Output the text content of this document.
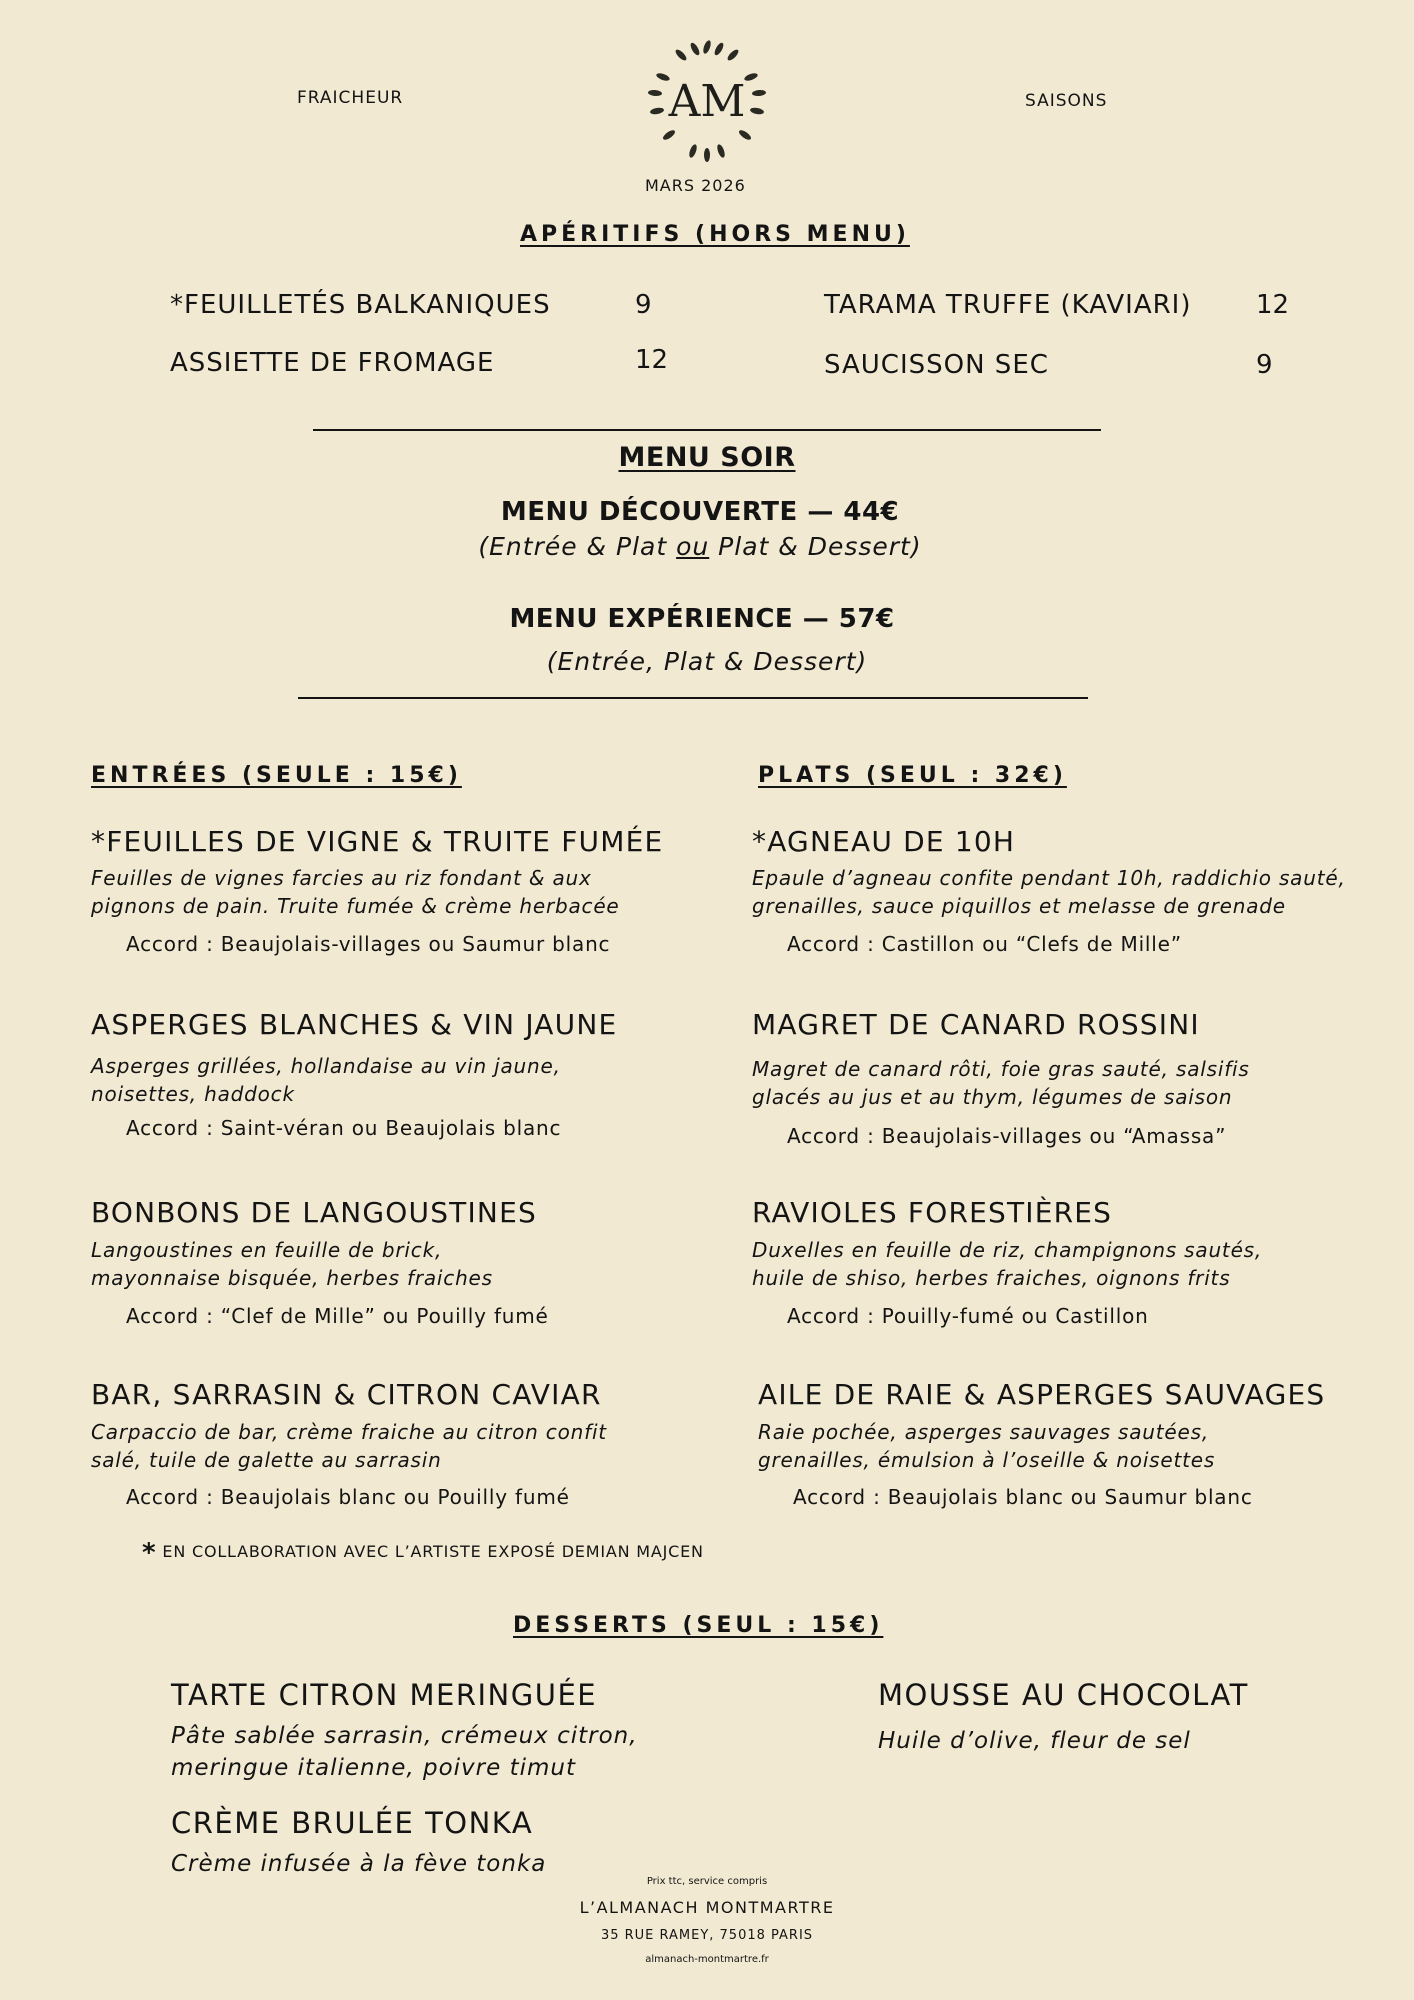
FRAICHEUR	SAISONS
AM
MARS 2026
APÉRITIFS (HORS MENU)
*FEUILLETÉS BALKANIQUES	9
ASSIETTE DE FROMAGE	12
TARAMA TRUFFE (KAVIARI) 12
SAUCISSON SEC	9
MENU SOIR
MENU DÉCOUVERTE — 44€
(Entrée & Plat ou Plat & Dessert)
MENU EXPÉRIENCE — 57€
(Entrée, Plat & Dessert)
ENTRÉES (SEULE : 15€)
*FEUILLES DE VIGNE & TRUITE FUMÉE
Feuilles de vignes farcies au riz fondant & aux
pignons de pain. Truite fumée & crème herbacée
Accord : Beaujolais-villages ou Saumur blanc
ASPERGES BLANCHES & VIN JAUNE
Asperges grillées, hollandaise au vin jaune,
noisettes, haddock
Accord : Saint-véran ou Beaujolais blanc
BONBONS DE LANGOUSTINES
Langoustines en feuille de brick,
mayonnaise bisquée, herbes fraiches
Accord : “Clef de Mille” ou Pouilly fumé
BAR, SARRASIN & CITRON CAVIAR
Carpaccio de bar, crème fraiche au citron confit
salé, tuile de galette au sarrasin
Accord : Beaujolais blanc ou Pouilly fumé
PLATS (SEUL : 32€)
*AGNEAU DE 10H
Epaule d’agneau confite pendant 10h, raddichio sauté,
grenailles, sauce piquillos et melasse de grenade
Accord : Castillon ou “Clefs de Mille”
MAGRET DE CANARD ROSSINI
Magret de canard rôti, foie gras sauté, salsifis
glacés au jus et au thym, légumes de saison
Accord : Beaujolais-villages ou “Amassa”
RAVIOLES FORESTIÈRES
Duxelles en feuille de riz, champignons sautés,
huile de shiso, herbes fraiches, oignons frits
Accord : Pouilly-fumé ou Castillon
AILE DE RAIE & ASPERGES SAUVAGES
Raie pochée, asperges sauvages sautées,
grenailles, émulsion à l’oseille & noisettes
Accord : Beaujolais blanc ou Saumur blanc
* EN COLLABORATION AVEC L’ARTISTE EXPOSÉ DEMIAN MAJCEN
DESSERTS (SEUL : 15€)
TARTE CITRON MERINGUÉE
Pâte sablée sarrasin, crémeux citron,
meringue italienne, poivre timut
MOUSSE AU CHOCOLAT
Huile d’olive, fleur de sel
CRÈME BRULÉE TONKA
Crème infusée à la fève tonka
Prix ttc, service compris
L’ALMANACH MONTMARTRE
35 RUE RAMEY, 75018 PARIS
almanach-montmartre.fr
